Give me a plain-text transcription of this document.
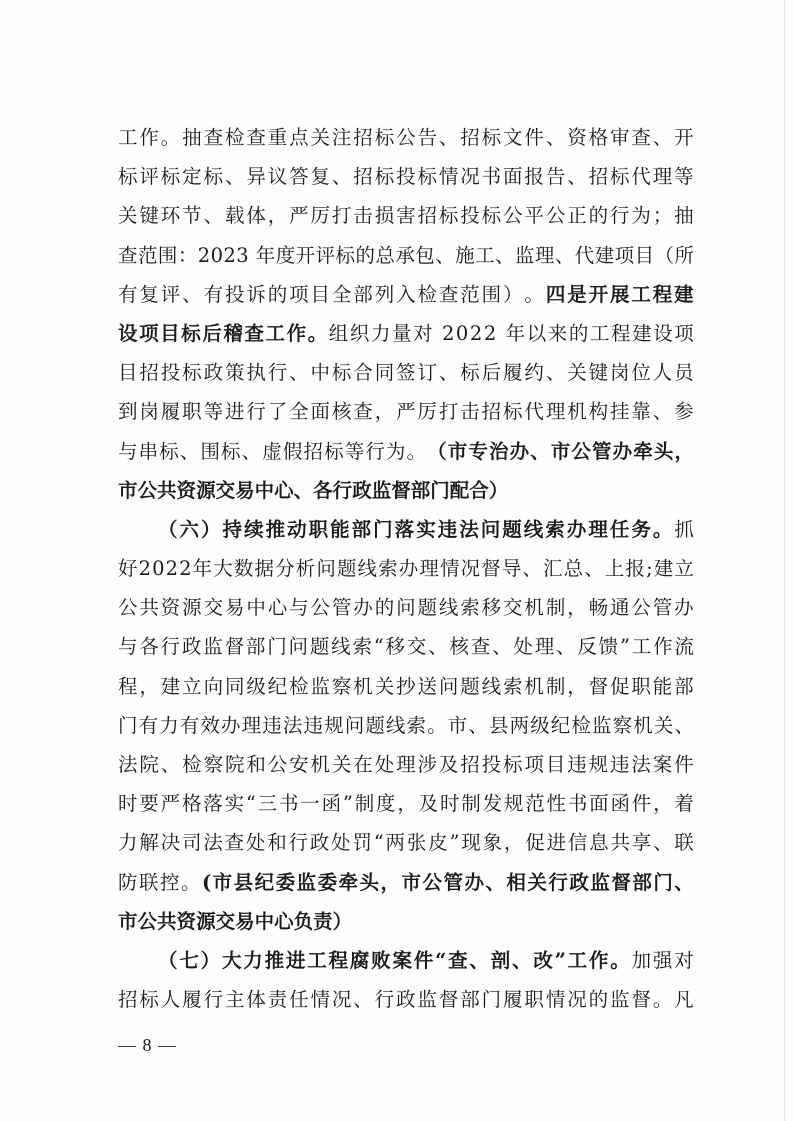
工 作 。 抽 查 检 查 重 点 关 注 招 标 公 告 、 招 标 文 件 、 资 格 审 查 、 开
标 评 标 定 标 、 异 议 答 复 、 招 标 投 标 情 况 书 面 报 告 、 招 标 代 理 等
关 键 环 节 、 载 体 ， 严 厉 打 击 损 害 招 标 投 标 公 平 公 正 的 行 为 ； 抽
查 范 围 ： 2 0 2 3
年 度 开 评 标 的 总 承 包 、 施 工 、 监 理 、 代 建 项 目 （ 所
有 复 评 、 有 投 诉 的 项 目 全 部 列 入 检 查 范 围 ） 。 四 是 开 展 工 程 建
设 项 目 标 后 稽 查 工 作 。 组 织 力 量 对
2 0 2 2
年 以 来 的 工 程 建 设 项
目 招 投 标 政 策 执 行 、 中 标 合 同 签 订 、 标 后 履 约 、 关 键 岗 位 人 员
到 岗 履 职 等 进 行 了 全 面 核 查 ， 严 厉 打 击 招 标 代 理 机 构 挂 靠 、 参
与 串 标 、 围 标 、 虚 假 招 标 等 行 为 。 （ 市 专 治 办 、 市 公 管 办 牵 头 ，
市 公 共 资 源 交 易 中 心 、 各 行 政 监 督 部 门 配 合 ）
（ 六 ） 持 续 推 动 职 能 部 门 落 实 违 法 问 题 线 索 办 理 任 务 。 抓
好 2 0 2 2 年 大 数 据 分 析 问 题 线 索 办 理 情 况 督 导 、 汇 总 、 上 报 ; 建 立
公 共 资 源 交 易 中 心 与 公 管 办 的 问 题 线 索 移 交 机 制 ， 畅 通 公 管 办
与 各 行 政 监 督 部 门 问 题 线 索 “ 移 交 、 核 查 、 处 理 、 反 馈 ” 工 作 流
程 ， 建 立 向 同 级 纪 检 监 察 机 关 抄 送 问 题 线 索 机 制 ， 督 促 职 能 部
门 有 力 有 效 办 理 违 法 违 规 问 题 线 索 。 市 、 县 两 级 纪 检 监 察 机 关 、
法 院 、 检 察 院 和 公 安 机 关 在 处 理 涉 及 招 投 标 项 目 违 规 违 法 案 件
时 要 严 格 落 实 “ 三 书 一 函 ” 制 度 ， 及 时 制 发 规 范 性 书 面 函 件 ， 着
力 解 决 司 法 查 处 和 行 政 处 罚 “ 两 张 皮 ” 现 象 ， 促 进 信 息 共 享 、 联
防 联 控 。 ( 市 县 纪 委 监 委 牵 头 ， 市 公 管 办 、 相 关 行 政 监 督 部 门 、
市 公 共 资 源 交 易 中 心 负 责 ）
（ 七 ） 大 力 推 进 工 程 腐 败 案 件 “ 查 、 剖 、 改 ” 工 作 。 加 强 对
招 标 人 履 行 主 体 责 任 情 况 、 行 政 监 督 部 门 履 职 情 况 的 监 督 。 凡
— 8 —
